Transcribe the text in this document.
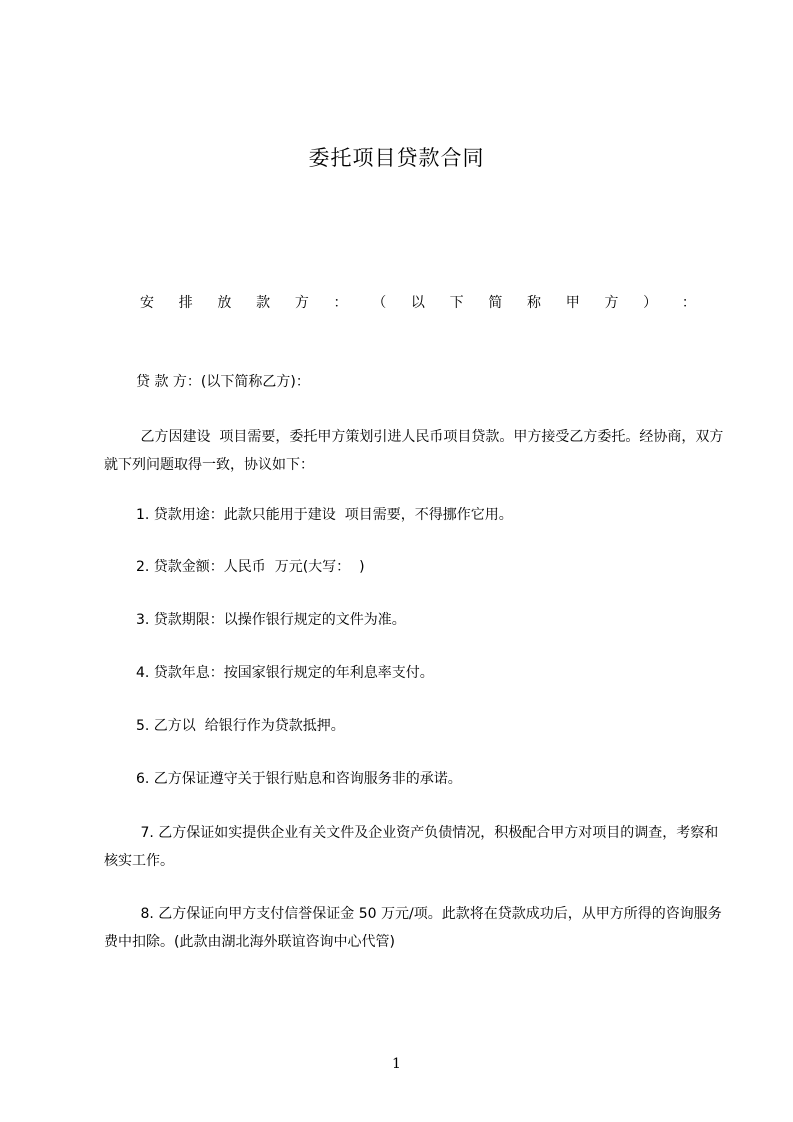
委托项目贷款合同
安 排 放 款 方 ： （ 以 下 简 称 甲 方 ） ：
贷 款 方：(以下简称乙方)：
乙方因建设  项目需要，委托甲方策划引进人民币项目贷款。甲方接受乙方委托。经协商，双方就下列问题取得一致，协议如下：
1. 贷款用途：此款只能用于建设  项目需要，不得挪作它用。
2. 贷款金额：人民币  万元(大写：  )
3. 贷款期限：以操作银行规定的文件为准。
4. 贷款年息：按国家银行规定的年利息率支付。
5. 乙方以  给银行作为贷款抵押。
6. 乙方保证遵守关于银行贴息和咨询服务非的承诺。
7. 乙方保证如实提供企业有关文件及企业资产负债情况，积极配合甲方对项目的调查，考察和核实工作。
8. 乙方保证向甲方支付信誉保证金 50 万元/项。此款将在贷款成功后，从甲方所得的咨询服务费中扣除。(此款由湖北海外联谊咨询中心代管)
1
